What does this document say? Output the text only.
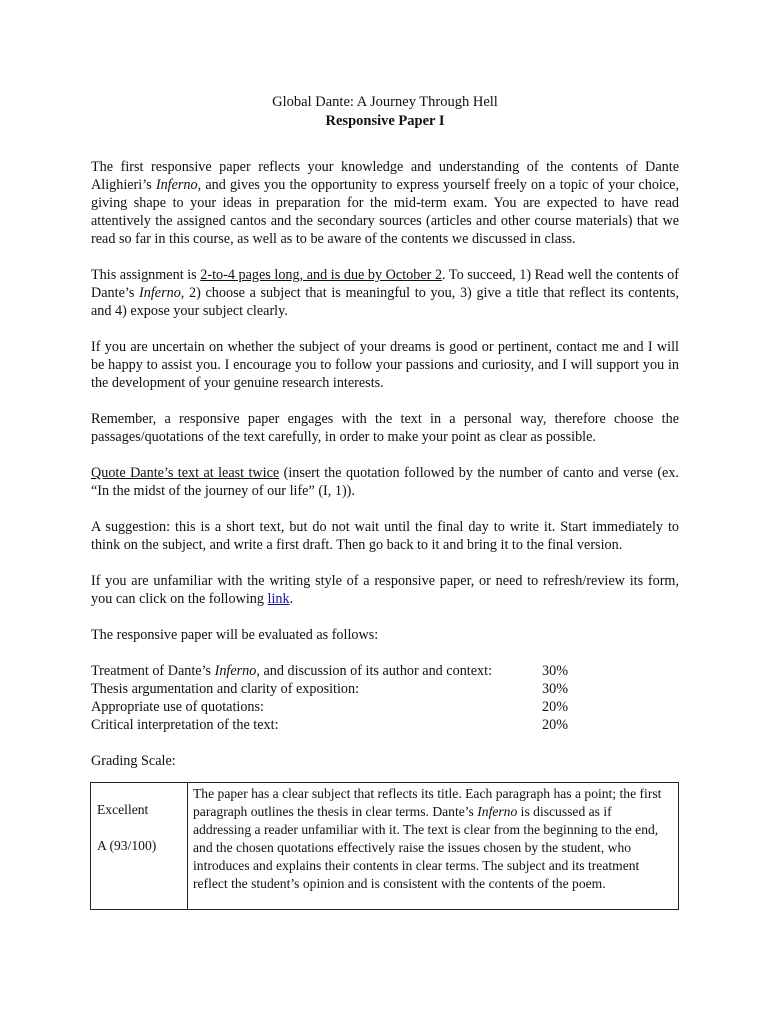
Global Dante: A Journey Through Hell

Responsive Paper I

The first responsive paper reflects your knowledge and understanding of the contents of Dante Alighieri’s Inferno, and gives you the opportunity to express yourself freely on a topic of your choice, giving shape to your ideas in preparation for the mid-term exam. You are expected to have read attentively the assigned cantos and the secondary sources (articles and other course materials) that we read so far in this course, as well as to be aware of the contents we discussed in class.

This assignment is 2-to-4 pages long, and is due by October 2. To succeed, 1) Read well the contents of Dante’s Inferno, 2) choose a subject that is meaningful to you, 3) give a title that reflect its contents, and 4) expose your subject clearly.

If you are uncertain on whether the subject of your dreams is good or pertinent, contact me and I will be happy to assist you. I encourage you to follow your passions and curiosity, and I will support you in the development of your genuine research interests.

Remember, a responsive paper engages with the text in a personal way, therefore choose the passages/quotations of the text carefully, in order to make your point as clear as possible.

Quote Dante’s text at least twice (insert the quotation followed by the number of canto and verse (ex. “In the midst of the journey of our life” (I, 1)).

A suggestion: this is a short text, but do not wait until the final day to write it. Start immediately to think on the subject, and write a first draft. Then go back to it and bring it to the final version.

If you are unfamiliar with the writing style of a responsive paper, or need to refresh/review its form, you can click on the following link.

The responsive paper will be evaluated as follows:

Treatment of Dante’s Inferno, and discussion of its author and context:	30%
Thesis argumentation and clarity of exposition:	30%
Appropriate use of quotations:	20%
Critical interpretation of the text:	20%

Grading Scale:

Excellent

A (93/100)

	The paper has a clear subject that reflects its title. Each paragraph has a point; the first paragraph outlines the thesis in clear terms. Dante’s Inferno is discussed as if addressing a reader unfamiliar with it. The text is clear from the beginning to the end, and the chosen quotations effectively raise the issues chosen by the student, who introduces and explains their contents in clear terms. The subject and its treatment reflect the student’s opinion and is consistent with the contents of the poem.
